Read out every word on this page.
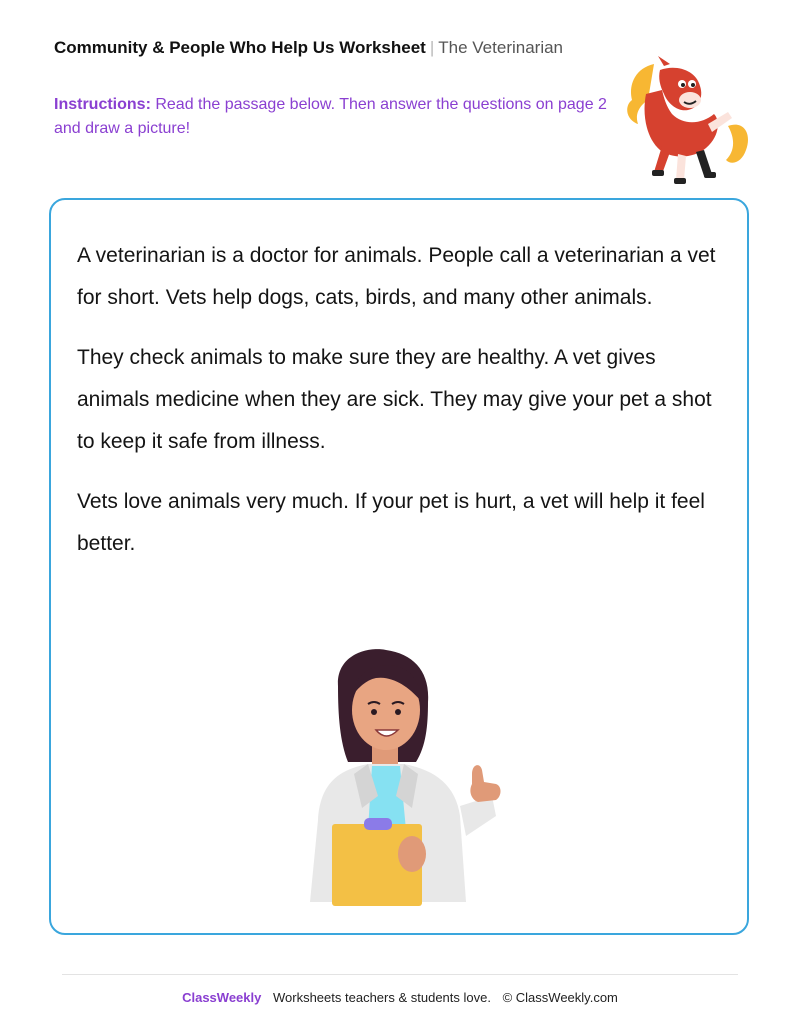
Community & People Who Help Us Worksheet | The Veterinarian
Instructions: Read the passage below. Then answer the questions on page 2 and draw a picture!

A veterinarian is a doctor for animals. People call a veterinarian a vet for short. Vets help dogs, cats, birds, and many other animals.

They check animals to make sure they are healthy. A vet gives animals medicine when they are sick. They may give your pet a shot to keep it safe from illness.

Vets love animals very much. If your pet is hurt, a vet will help it feel better.

ClassWeekly Worksheets teachers & students love. © ClassWeekly.com
